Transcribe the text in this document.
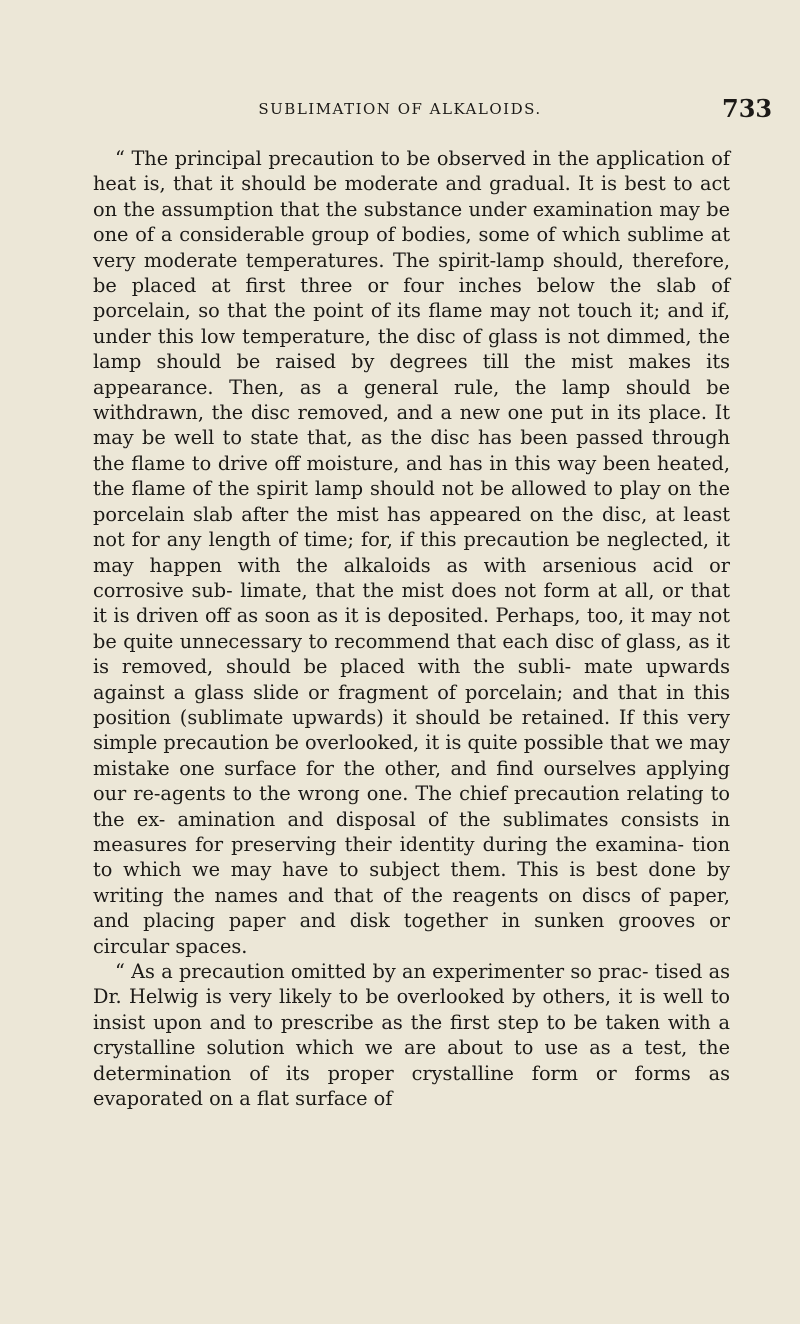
SUBLIMATION OF ALKALOIDS.	733

“ The principal precaution to be observed in the application of heat is, that it should be moderate and gradual. It is best to act on the assumption that the substance under examination may be one of a considerable group of bodies, some of which sublime at very moderate temperatures. The spirit-lamp should, therefore, be placed at first three or four inches below the slab of porcelain, so that the point of its flame may not touch it; and if, under this low temperature, the disc of glass is not dimmed, the lamp should be raised by degrees till the mist makes its appearance. Then, as a general rule, the lamp should be withdrawn, the disc removed, and a new one put in its place. It may be well to state that, as the disc has been passed through the flame to drive off moisture, and has in this way been heated, the flame of the spirit lamp should not be allowed to play on the porcelain slab after the mist has appeared on the disc, at least not for any length of time; for, if this precaution be neglected, it may happen with the alkaloids as with arsenious acid or corrosive sub- limate, that the mist does not form at all, or that it is driven off as soon as it is deposited. Perhaps, too, it may not be quite unnecessary to recommend that each disc of glass, as it is removed, should be placed with the subli- mate upwards against a glass slide or fragment of porcelain; and that in this position (sublimate upwards) it should be retained. If this very simple precaution be overlooked, it is quite possible that we may mistake one surface for the other, and find ourselves applying our re-agents to the wrong one. The chief precaution relating to the ex- amination and disposal of the sublimates consists in measures for preserving their identity during the examina- tion to which we may have to subject them. This is best done by writing the names and that of the reagents on discs of paper, and placing paper and disk together in sunken grooves or circular spaces.

“ As a precaution omitted by an experimenter so prac- tised as Dr. Helwig is very likely to be overlooked by others, it is well to insist upon and to prescribe as the first step to be taken with a crystalline solution which we are about to use as a test, the determination of its proper crystalline form or forms as evaporated on a flat surface of
